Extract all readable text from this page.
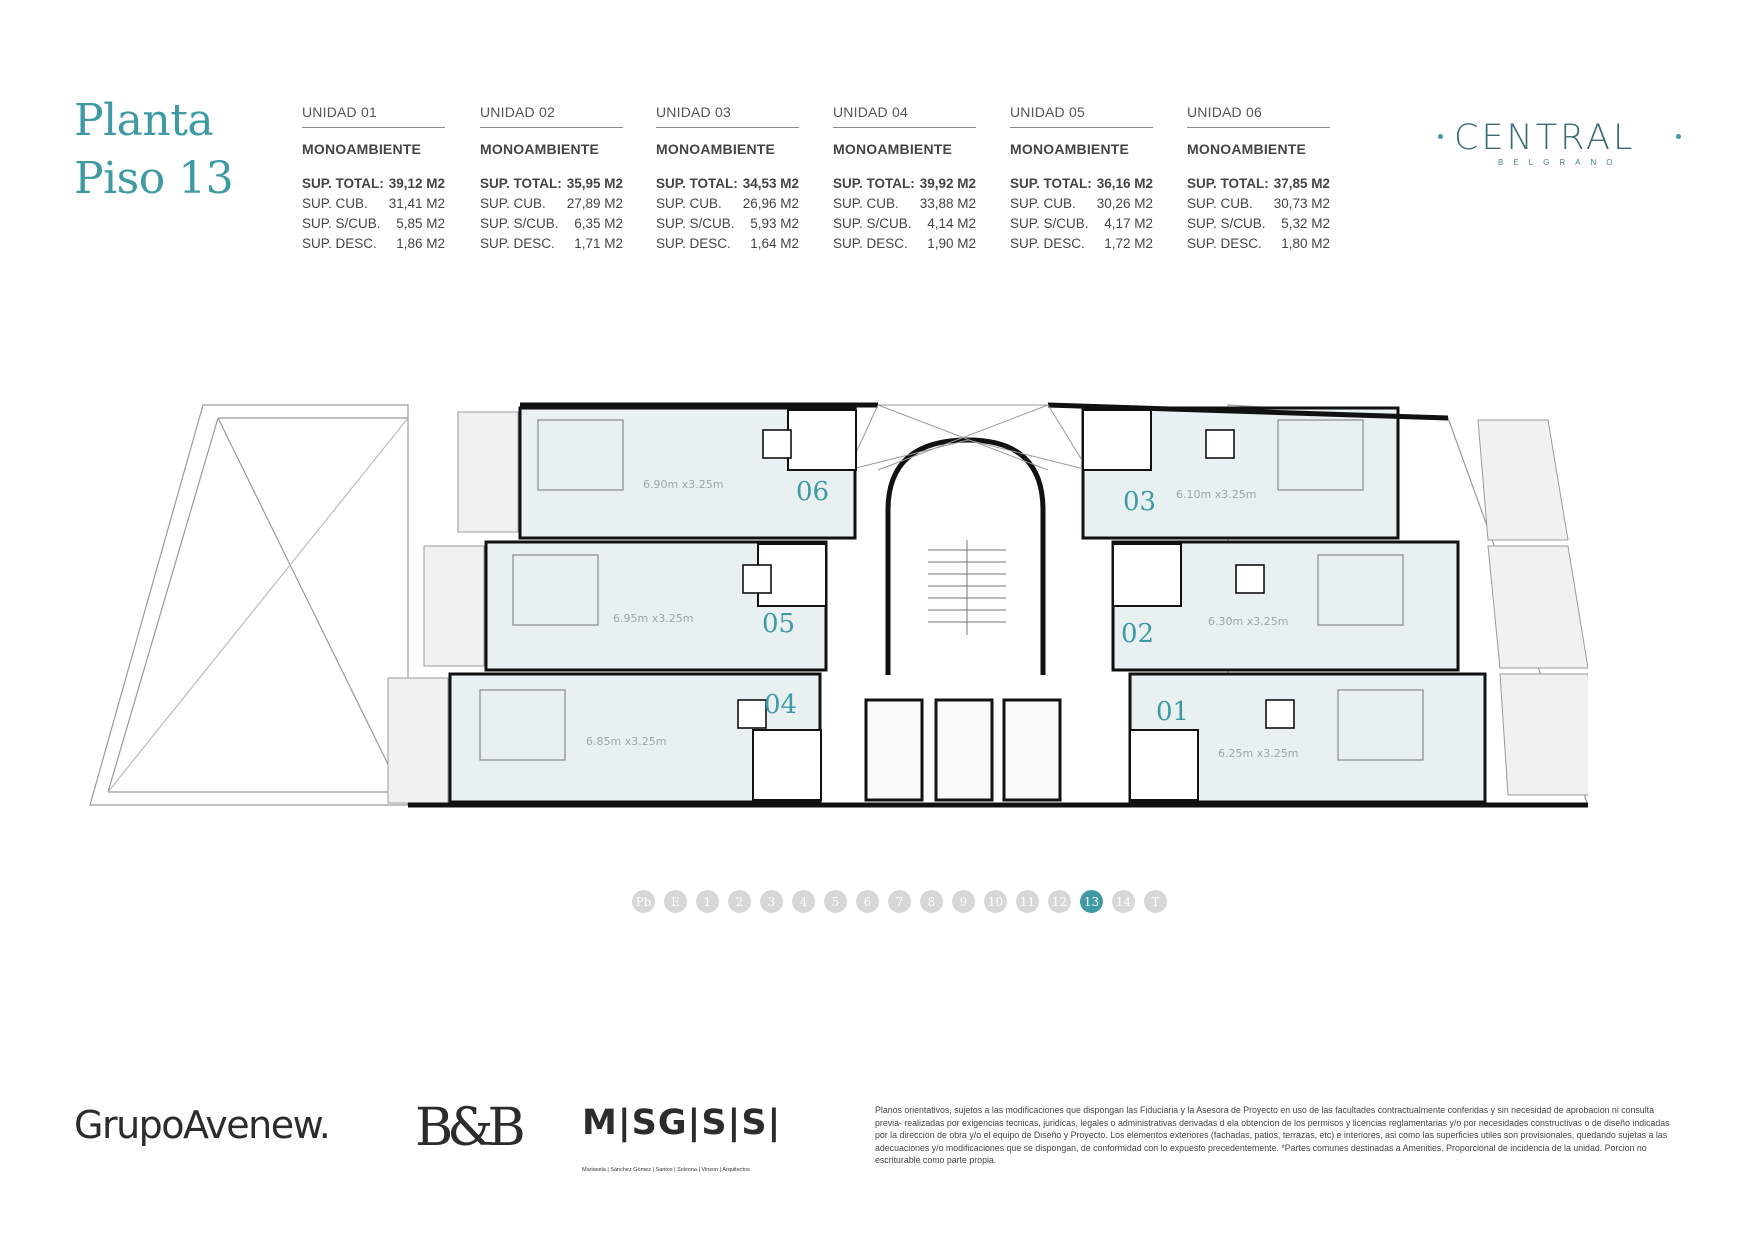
Planta
Piso 13
UNIDAD 01
MONOAMBIENTE
SUP. TOTAL: 39,12 M2
SUP. CUB. 31,41 M2
SUP. S/CUB. 5,85 M2
SUP. DESC. 1,86 M2
UNIDAD 02
MONOAMBIENTE
SUP. TOTAL: 35,95 M2
SUP. CUB. 27,89 M2
SUP. S/CUB. 6,35 M2
SUP. DESC. 1,71 M2
UNIDAD 03
MONOAMBIENTE
SUP. TOTAL: 34,53 M2
SUP. CUB. 26,96 M2
SUP. S/CUB. 5,93 M2
SUP. DESC. 1,64 M2
UNIDAD 04
MONOAMBIENTE
SUP. TOTAL: 39,92 M2
SUP. CUB. 33,88 M2
SUP. S/CUB. 4,14 M2
SUP. DESC. 1,90 M2
UNIDAD 05
MONOAMBIENTE
SUP. TOTAL: 36,16 M2
SUP. CUB. 30,26 M2
SUP. S/CUB. 4,17 M2
SUP. DESC. 1,72 M2
UNIDAD 06
MONOAMBIENTE
SUP. TOTAL: 37,85 M2
SUP. CUB. 30,73 M2
SUP. S/CUB. 5,32 M2
SUP. DESC. 1,80 M2
CENTRAL
BELGRANO
06
05
04
03
02
01
6.90m x3.25m
6.95m x3.25m
6.85m x3.25m
6.10m x3.25m
6.30m x3.25m
6.25m x3.25m
Pb	E	1	2	3	4	5	6	7	8	9	10	11	12	13	14	T
GrupoAvenew. B&B M|SG|S|S|
Mariasela | Sánchez Gómez | Santos | Solsona | Vinson | Arquitectos
Planos orientativos, sujetos a las modificaciones que dispongan las Fiduciaria y la Asesora de Proyecto en uso de las facultades contractualmente conferidas y sin necesidad de aprobacion ni consulta previa- realizadas por exigencias tecnicas, juridicas, legales o administrativas derivadas d ela obtencion de los permisos y licencias reglamentarias y/o por necesidades constructivas o de diseño indicadas por la direccion de obra y/o el equipo de Diseño y Proyecto. Los elementos exteriores (fachadas, patios, terrazas, etc) e interiores, asi como las superficies utiles son provisionales, quedando sujetas a las adecuaciones y/o modificaciones que se dispongan, de conformidad con lo expuesto precedentemente. *Partes comunes destinadas a Amenities. Proporcional de incidencia de la unidad. Porcion no escriturable como parte propia.
